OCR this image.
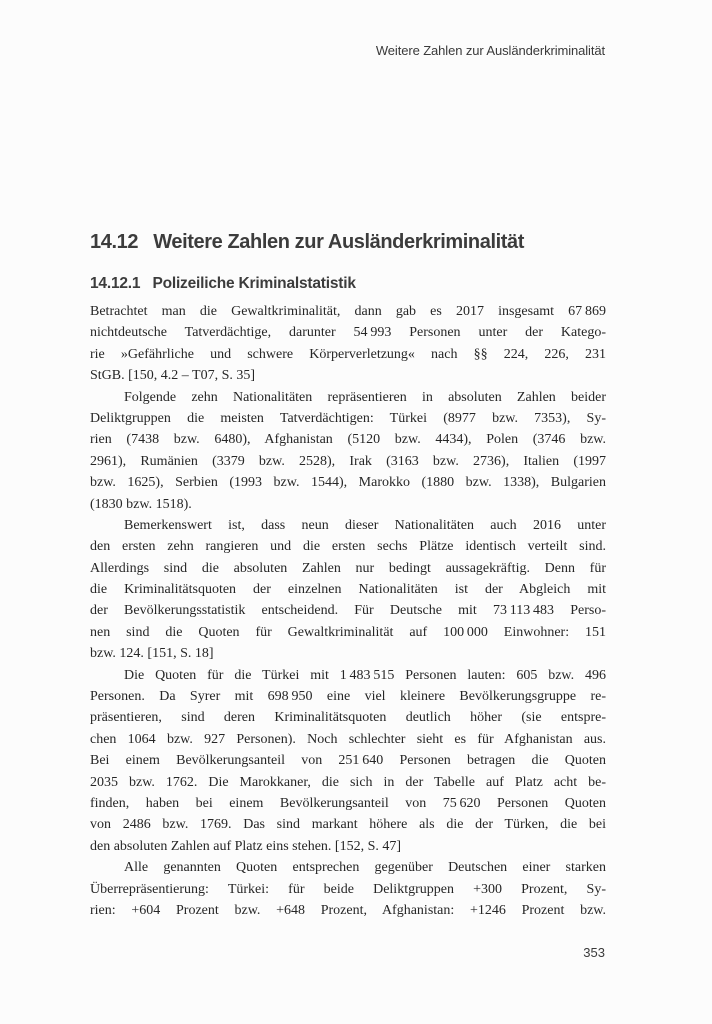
Weitere Zahlen zur Ausländerkriminalität
14.12 Weitere Zahlen zur Ausländerkriminalität
14.12.1 Polizeiliche Kriminalstatistik
Betrachtet man die Gewaltkriminalität, dann gab es 2017 insgesamt 67 869
nichtdeutsche Tatverdächtige, darunter 54 993 Personen unter der Katego-
rie »Gefährliche und schwere Körperverletzung« nach §§ 224, 226, 231
StGB. [150, 4.2 – T07, S. 35]
Folgende zehn Nationalitäten repräsentieren in absoluten Zahlen beider
Deliktgruppen die meisten Tatverdächtigen: Türkei (8977 bzw. 7353), Sy-
rien (7438 bzw. 6480), Afghanistan (5120 bzw. 4434), Polen (3746 bzw.
2961), Rumänien (3379 bzw. 2528), Irak (3163 bzw. 2736), Italien (1997
bzw. 1625), Serbien (1993 bzw. 1544), Marokko (1880 bzw. 1338), Bulgarien
(1830 bzw. 1518).
Bemerkenswert ist, dass neun dieser Nationalitäten auch 2016 unter
den ersten zehn rangieren und die ersten sechs Plätze identisch verteilt sind.
Allerdings sind die absoluten Zahlen nur bedingt aussagekräftig. Denn für
die Kriminalitätsquoten der einzelnen Nationalitäten ist der Abgleich mit
der Bevölkerungsstatistik entscheidend. Für Deutsche mit 73 113 483 Perso-
nen sind die Quoten für Gewaltkriminalität auf 100 000 Einwohner: 151
bzw. 124. [151, S. 18]
Die Quoten für die Türkei mit 1 483 515 Personen lauten: 605 bzw. 496
Personen. Da Syrer mit 698 950 eine viel kleinere Bevölkerungsgruppe re-
präsentieren, sind deren Kriminalitätsquoten deutlich höher (sie entspre-
chen 1064 bzw. 927 Personen). Noch schlechter sieht es für Afghanistan aus.
Bei einem Bevölkerungsanteil von 251 640 Personen betragen die Quoten
2035 bzw. 1762. Die Marokkaner, die sich in der Tabelle auf Platz acht be-
finden, haben bei einem Bevölkerungsanteil von 75 620 Personen Quoten
von 2486 bzw. 1769. Das sind markant höhere als die der Türken, die bei
den absoluten Zahlen auf Platz eins stehen. [152, S. 47]
Alle genannten Quoten entsprechen gegenüber Deutschen einer starken
Überrepräsentierung: Türkei: für beide Deliktgruppen +300 Prozent, Sy-
rien: +604 Prozent bzw. +648 Prozent, Afghanistan: +1246 Prozent bzw.
353
